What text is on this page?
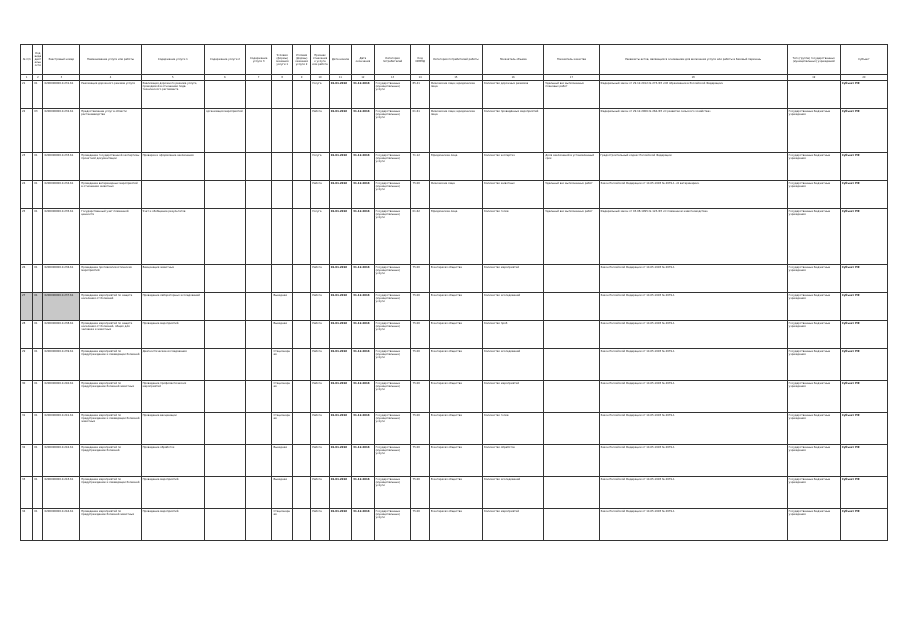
№ п/п	Код вида деятельности	Реестровый номер	Наименование услуги или работы	Содержание услуги 1	Содержание услуги 2	Содержание услуги 3	Условия (формы) оказания услуги 1	Условия (формы) оказания услуги 2	Признак отнесения к услуге или работе	Дата начала	Дата окончания	Категория потребителей	Код ОКВЭД	Категория потребителей работы	Показатель объема	Показатель качества	Реквизиты актов, являющихся основанием для включения услуги или работы в базовый перечень	Тип (группа) государственных (муниципальных) учреждений	Субъект
1	2	3	4	5	6	7	8	9	10	11	12	13	14	15	16	17	18	19	20
21	01	0200000000.0.231.61	Реализация дорожного режима услуги	Реализация дорожного режима услуги, проводимой в отношении подв. технического регламента					Услуга	01.01.2016	31.12.2016	Государственные (муниципальные) услуги	85.41	Физические лица; юридические лица	Количество дорожных режимов	Удельный вес выполненных плановых работ	Федеральный закон от 29.12.2012 № 273-ФЗ «Об образовании в Российской Федерации»		Субъект РФ
22	03	0200000000.0.232.61	Предоставление услуг в области растениеводства		организация мероприятий				Работа	01.01.2016	31.12.2016	Государственные (муниципальные) услуги	01.61	Физические лица; юридические лица	Количество проведённых мероприятий		Федеральный закон от 29.12.2006 № 264-ФЗ «О развитии сельского хозяйства»	Государственные бюджетные учреждения	Субъект РФ
23	01	0200000000.0.233.61	Проведение государственной экспертизы проектной документации	Проверка и оформление заключения					Услуга	01.01.2016	31.12.2016	Государственные (муниципальные) услуги	71.12	Юридические лица	Количество экспертиз	Доля заключений в установленный срок	Градостроительный кодекс Российской Федерации	Государственные бюджетные учреждения	Субъект РФ
24	01	0200000000.0.234.61	Проведение ветеринарных мероприятий в отношении животных						Работа	01.01.2016	31.12.2016	Государственные (муниципальные) услуги	75.00	Физические лица	Количество животных	Удельный вес выполненных работ	Закон Российской Федерации от 14.05.1993 № 4979-1 «О ветеринарии»	Государственные бюджетные учреждения	Субъект РФ
25	01	0200000000.0.235.61	Государственный учет племенной ценности	Учет и обобщение результатов					Услуга	01.01.2016	31.12.2016	Государственные (муниципальные) услуги	01.62	Юридические лица	Количество голов	Удельный вес выполненных работ	Федеральный закон от 03.08.1995 № 123-ФЗ «О племенном животноводстве»	Государственные бюджетные учреждения	Субъект РФ
26	01	0200000000.0.236.61	Проведение противоэпизоотических мероприятий	Вакцинация животных					Работа	01.01.2016	31.12.2016	Государственные (муниципальные) услуги	75.00	В интересах общества	Количество мероприятий		Закон Российской Федерации от 14.05.1993 № 4979-1	Государственные бюджетные учреждения	Субъект РФ
27	01	0200000000.0.237.61	Проведение мероприятий по защите населения от болезней	Проведение лабораторных исследований			Выездная		Работа	01.01.2016	31.12.2016	Государственные (муниципальные) услуги	75.00	В интересах общества	Количество исследований		Закон Российской Федерации от 14.05.1993 № 4979-1	Государственные бюджетные учреждения	Субъект РФ
28	01	0200000000.0.238.61	Проведение мероприятий по защите населения от болезней, общих для человека и животных	Проведение мероприятий			Выездная		Работа	01.01.2016	31.12.2016	Государственные (муниципальные) услуги	75.00	В интересах общества	Количество проб		Закон Российской Федерации от 14.05.1993 № 4979-1	Государственные бюджетные учреждения	Субъект РФ
29	01	0200000000.0.239.61	Проведение мероприятий по предупреждению и ликвидации болезней	Диагностические исследования			Стационарная		Работа	01.01.2016	31.12.2016	Государственные (муниципальные) услуги	75.00	В интересах общества	Количество исследований		Закон Российской Федерации от 14.05.1993 № 4979-1	Государственные бюджетные учреждения	Субъект РФ
30	01	0200000000.0.240.61	Проведение мероприятий по предупреждению болезней животных	Проведение профилактических мероприятий			Стационарная		Работа	01.01.2016	31.12.2016	Государственные (муниципальные) услуги	75.00	В интересах общества	Количество мероприятий		Закон Российской Федерации от 14.05.1993 № 4979-1	Государственные бюджетные учреждения	Субъект РФ
31	01	0200000000.0.241.61	Проведение мероприятий по предупреждению и ликвидации болезней животных	Проведение вакцинации			Стационарная		Работа	01.01.2016	31.12.2016	Государственные (муниципальные) услуги	75.00	В интересах общества	Количество голов		Закон Российской Федерации от 14.05.1993 № 4979-1	Государственные бюджетные учреждения	Субъект РФ
32	01	0200000000.0.242.61	Проведение мероприятий по предупреждению болезней	Проведение обработок			Выездная		Работа	01.01.2016	31.12.2016	Государственные (муниципальные) услуги	75.00	В интересах общества	Количество обработок		Закон Российской Федерации от 14.05.1993 № 4979-1	Государственные бюджетные учреждения	Субъект РФ
33	01	0200000000.0.243.61	Проведение мероприятий по предупреждению и ликвидации болезней	Проведение мероприятий			Выездная		Работа	01.01.2016	31.12.2016	Государственные (муниципальные) услуги	75.00	В интересах общества	Количество исследований		Закон Российской Федерации от 14.05.1993 № 4979-1	Государственные бюджетные учреждения	Субъект РФ
34	01	0200000000.0.244.61	Проведение мероприятий по предупреждению болезней животных	Проведение мероприятий			Стационарная		Работа	01.01.2016	31.12.2016	Государственные (муниципальные) услуги	75.00	В интересах общества	Количество мероприятий		Закон Российской Федерации от 14.05.1993 № 4979-1	Государственные бюджетные учреждения	Субъект РФ
